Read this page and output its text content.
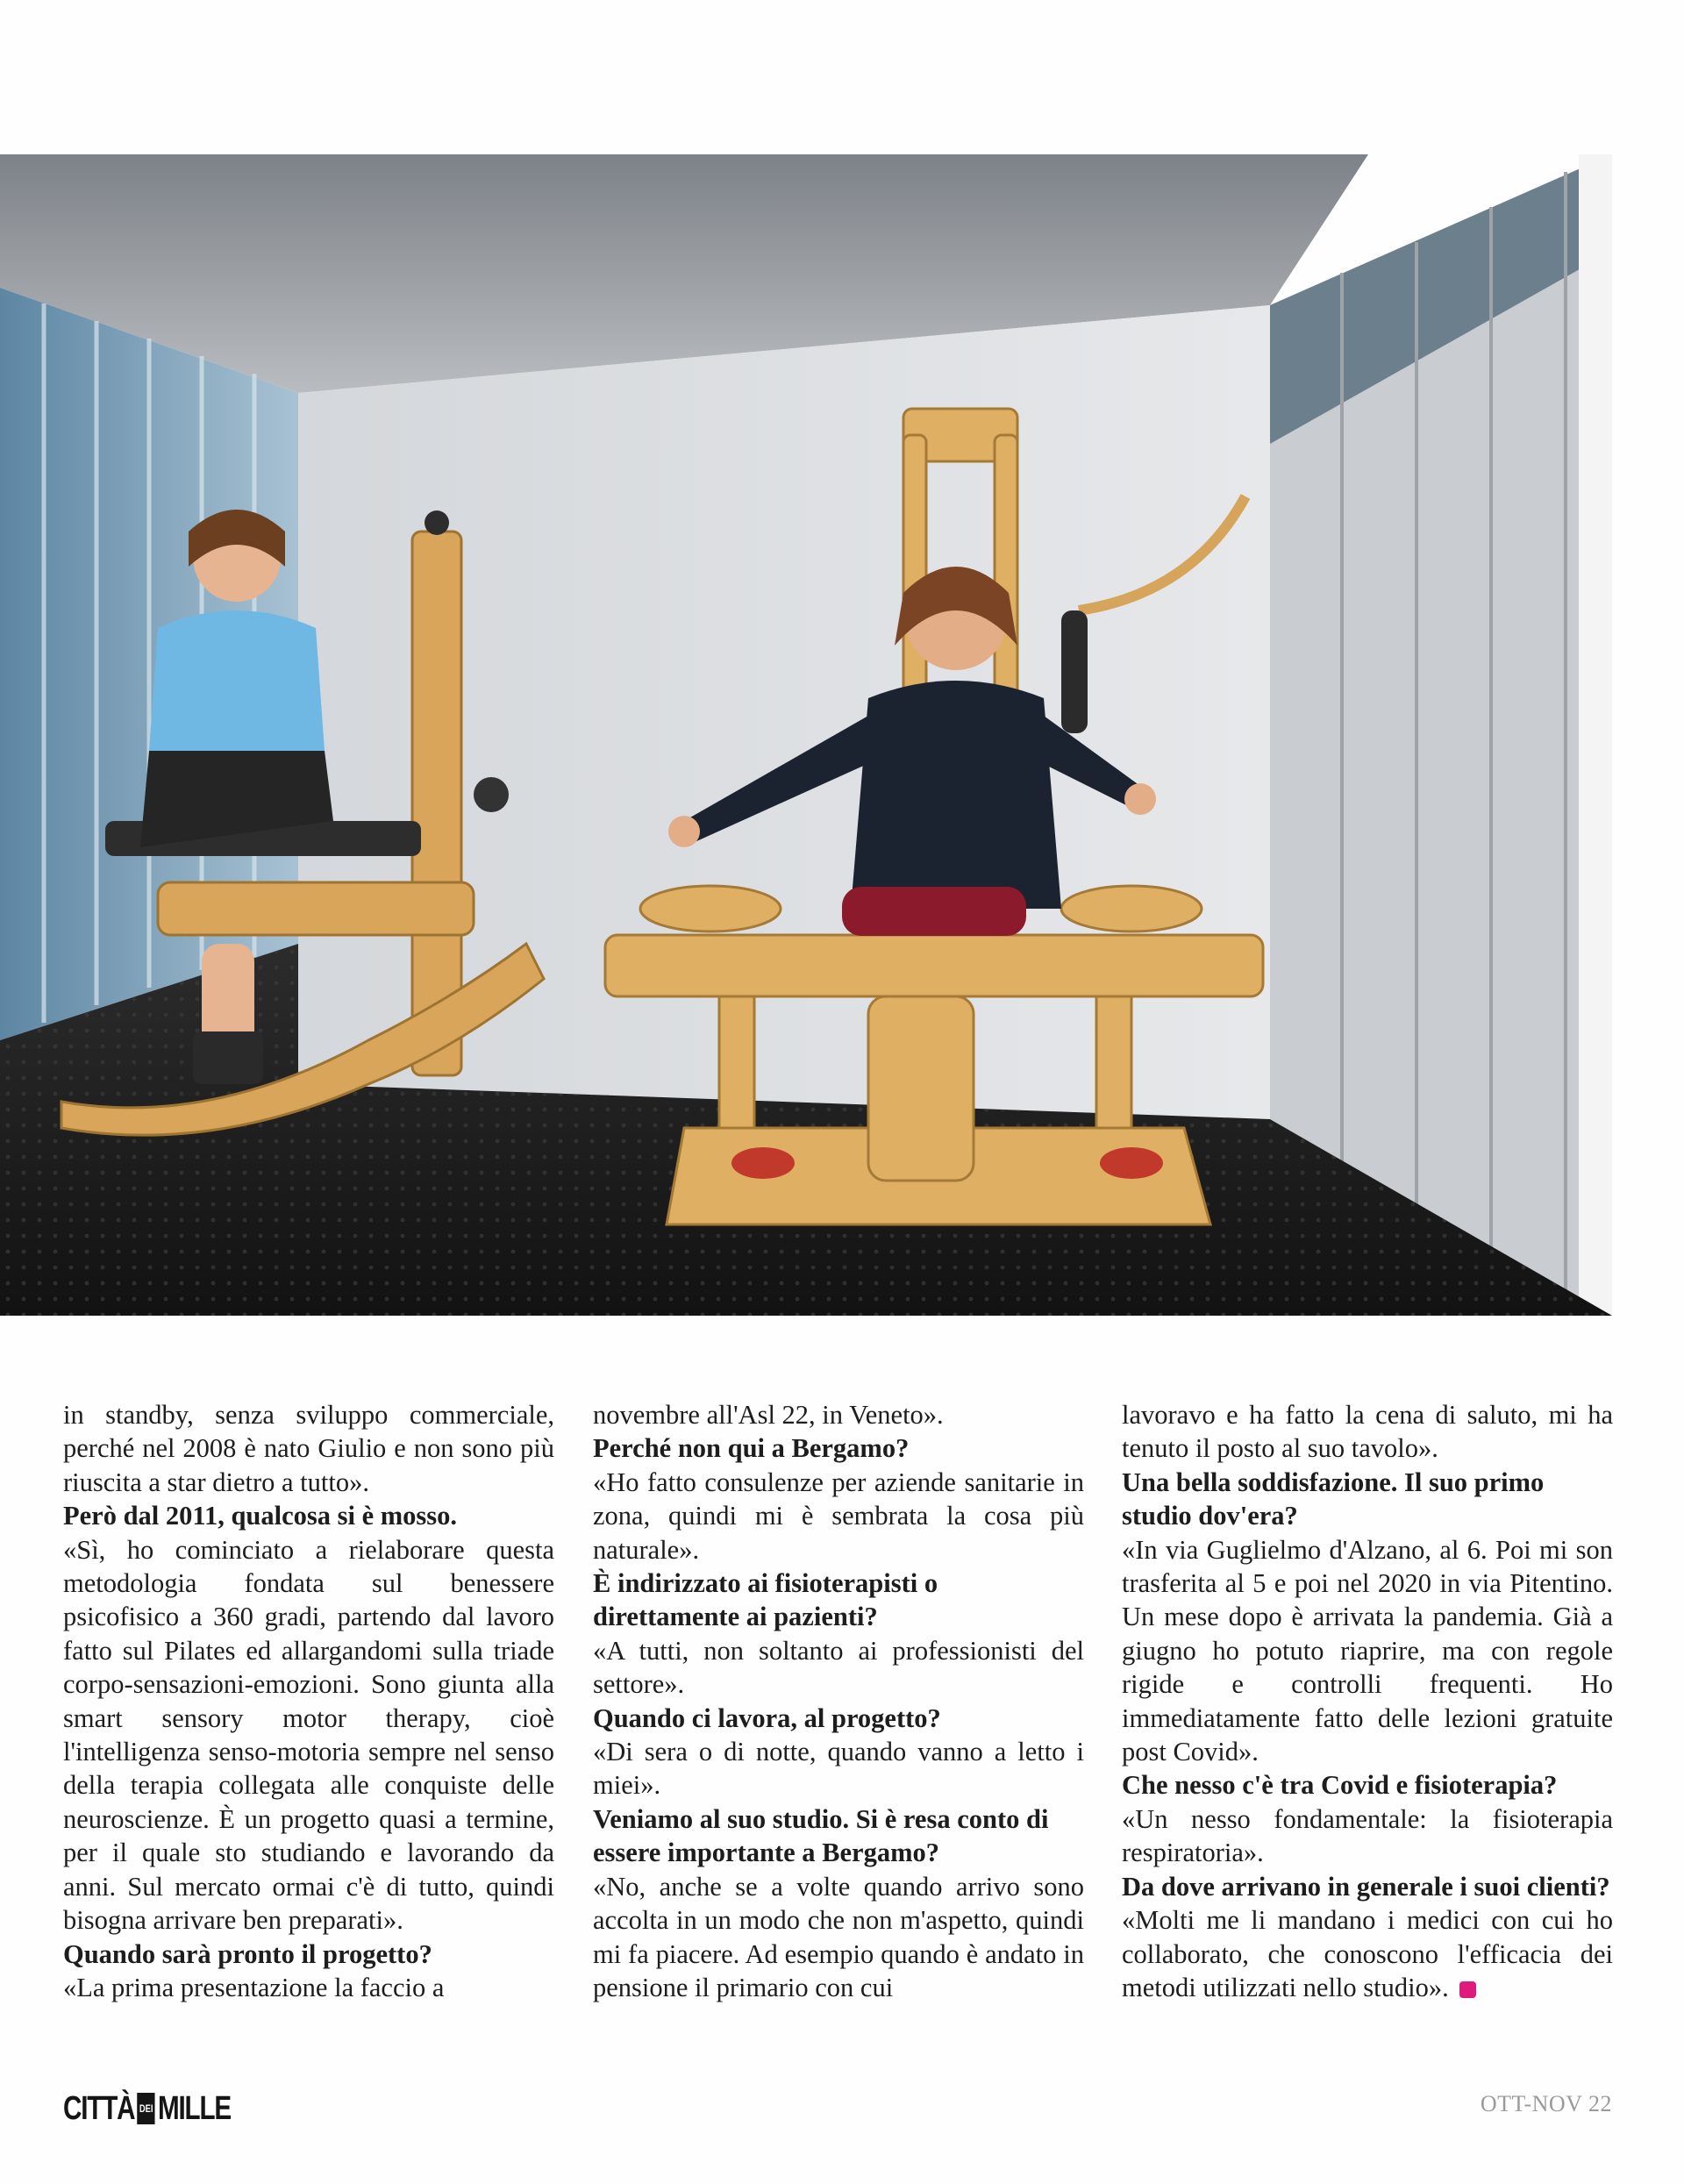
in standby, senza sviluppo commerciale, perché nel 2008 è nato Giulio e non sono più riuscita a star dietro a tutto».

Però dal 2011, qualcosa si è mosso.

«Sì, ho cominciato a rielaborare questa metodologia fondata sul benessere psicofisico a 360 gradi, partendo dal lavoro fatto sul Pilates ed allargandomi sulla triade corpo-sensazioni-emozioni. Sono giunta alla smart sensory motor therapy, cioè l'intelligenza senso-motoria sempre nel senso della terapia collegata alle conquiste delle neuroscienze. È un progetto quasi a termine, per il quale sto studiando e lavorando da anni. Sul mercato ormai c'è di tutto, quindi bisogna arrivare ben preparati».

Quando sarà pronto il progetto?

«La prima presentazione la faccio a

novembre all'Asl 22, in Veneto».

Perché non qui a Bergamo?

«Ho fatto consulenze per aziende sanitarie in zona, quindi mi è sembrata la cosa più naturale».

È indirizzato ai fisioterapisti o direttamente ai pazienti?

«A tutti, non soltanto ai professionisti del settore».

Quando ci lavora, al progetto?

«Di sera o di notte, quando vanno a letto i miei».

Veniamo al suo studio. Si è resa conto di essere importante a Bergamo?

«No, anche se a volte quando arrivo sono accolta in un modo che non m'aspetto, quindi mi fa piacere. Ad esempio quando è andato in pensione il primario con cui

lavoravo e ha fatto la cena di saluto, mi ha tenuto il posto al suo tavolo».

Una bella soddisfazione. Il suo primo studio dov'era?

«In via Guglielmo d'Alzano, al 6. Poi mi son trasferita al 5 e poi nel 2020 in via Pitentino. Un mese dopo è arrivata la pandemia. Già a giugno ho potuto riaprire, ma con regole rigide e controlli frequenti. Ho immediatamente fatto delle lezioni gratuite post Covid».

Che nesso c'è tra Covid e fisioterapia?

«Un nesso fondamentale: la fisioterapia respiratoria».

Da dove arrivano in generale i suoi clienti?

«Molti me li mandano i medici con cui ho collaborato, che conoscono l'efficacia dei metodi utilizzati nello studio».

CITTÀ DEI MILLE	OTT-NOV 22
